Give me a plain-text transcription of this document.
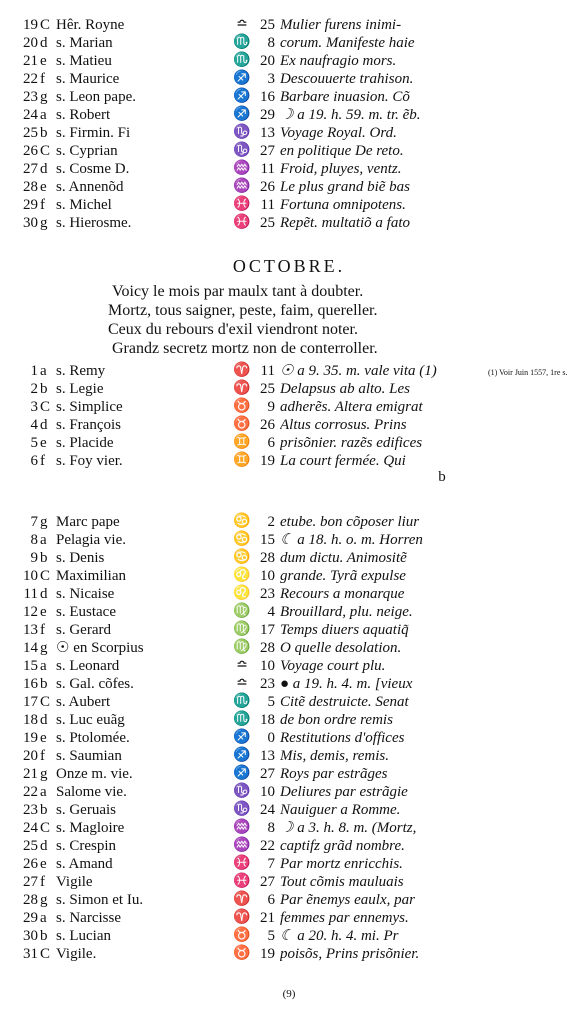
19 C Hêr. Royne	≏ 25 Mulier furens inimi-
20 d s. Marian	♏	8 corum. Manifeste haie
21 e s. Matieu	♏ 20 Ex naufragio mors.
22 f s. Maurice	♐	3 Descouuerte trahison.
23 g s. Leon pape.	♐ 16 Barbare inuasion. Cõ
24 a s. Robert	♐ 29 ☽ a 19. h. 59. m. tr. ẽb.
25 b s. Firmin. Fi	♑ 13 Voyage Royal. Ord.
26 C s. Cyprian	♑ 27 en politique De reto.
27 d s. Cosme D.	♒ 11 Froid, pluyes, ventz.
28 e s. Annenõd	♒ 26 Le plus grand biẽ bas
29 f s. Michel	♓ 11 Fortuna omnipotens.
30 g s. Hierosme.	♓ 25 Repẽt. multatiõ a fato
OCTOBRE.
Voicy le mois par maulx tant à doubter.
Mortz, tous saigner, peste, faim, quereller.
Ceux du rebours d'exil viendront noter.
Grandz secretz mortz non de conterroller.
1 a s. Remy	♈ 11 ☉ a 9. 35. m. vale vita (1)
2 b s. Legie	♈ 25 Delapsus ab alto. Les
3 C s. Simplice	♉	9 adherẽs. Altera emigrat
4 d s. François	♉ 26 Altus corrosus. Prins
5 e s. Placide	♊	6 prisõnier. razẽs edifices
6 f s. Foy vier.	♊ 19 La court fermée. Qui
(1) Voir Juin 1557, 1re s.
b
7 g Marc pape	♋	2 etube. bon cõposer liur
8 a Pelagia vie.	♋ 15 ☾ a 18. h. o. m. Horren
9 b s. Denis	♋ 28 dum dictu. Animositẽ
10 C Maximilian	♌ 10 grande. Tyrã expulse
11 d s. Nicaise	♌ 23 Recours a monarque
12 e s. Eustace	♍	4 Brouillard, plu. neige.
13 f s. Gerard	♍ 17 Temps diuers aquatiq̃
14 g ☉ en Scorpius	♍ 28 O quelle desolation.
15 a s. Leonard	≏ 10 Voyage court plu.
16 b s. Gal. cõfes.	≏ 23 ● a 19. h. 4. m. [vieux
17 C s. Aubert	♏	5 Citẽ destruicte. Senat
18 d s. Luc euãg	♏ 18 de bon ordre remis
19 e s. Ptolomée.	♐	0 Restitutions d'offices
20 f s. Saumian	♐ 13 Mis, demis, remis.
21 g Onze m. vie.	♐ 27 Roys par estrãges
22 a Salome vie.	♑ 10 Deliures par estrãgie
23 b s. Geruais	♑ 24 Nauiguer a Romme.
24 C s. Magloire	♒	8 ☽ a 3. h. 8. m. (Mortz,
25 d s. Crespin	♒ 22 captifz grãd nombre.
26 e s. Amand	♓	7 Par mortz enricchis.
27 f Vigile	♓ 27 Tout cõmis mauluais
28 g s. Simon et Iu.	♈	6 Par ẽnemys eaulx, par
29 a s. Narcisse	♈ 21 femmes par ennemys.
30 b s. Lucian	♉	5 ☾ a 20. h. 4. mi. Pr
31 C Vigile.	♉ 19 poisõs, Prins prisõnier.
(9)
